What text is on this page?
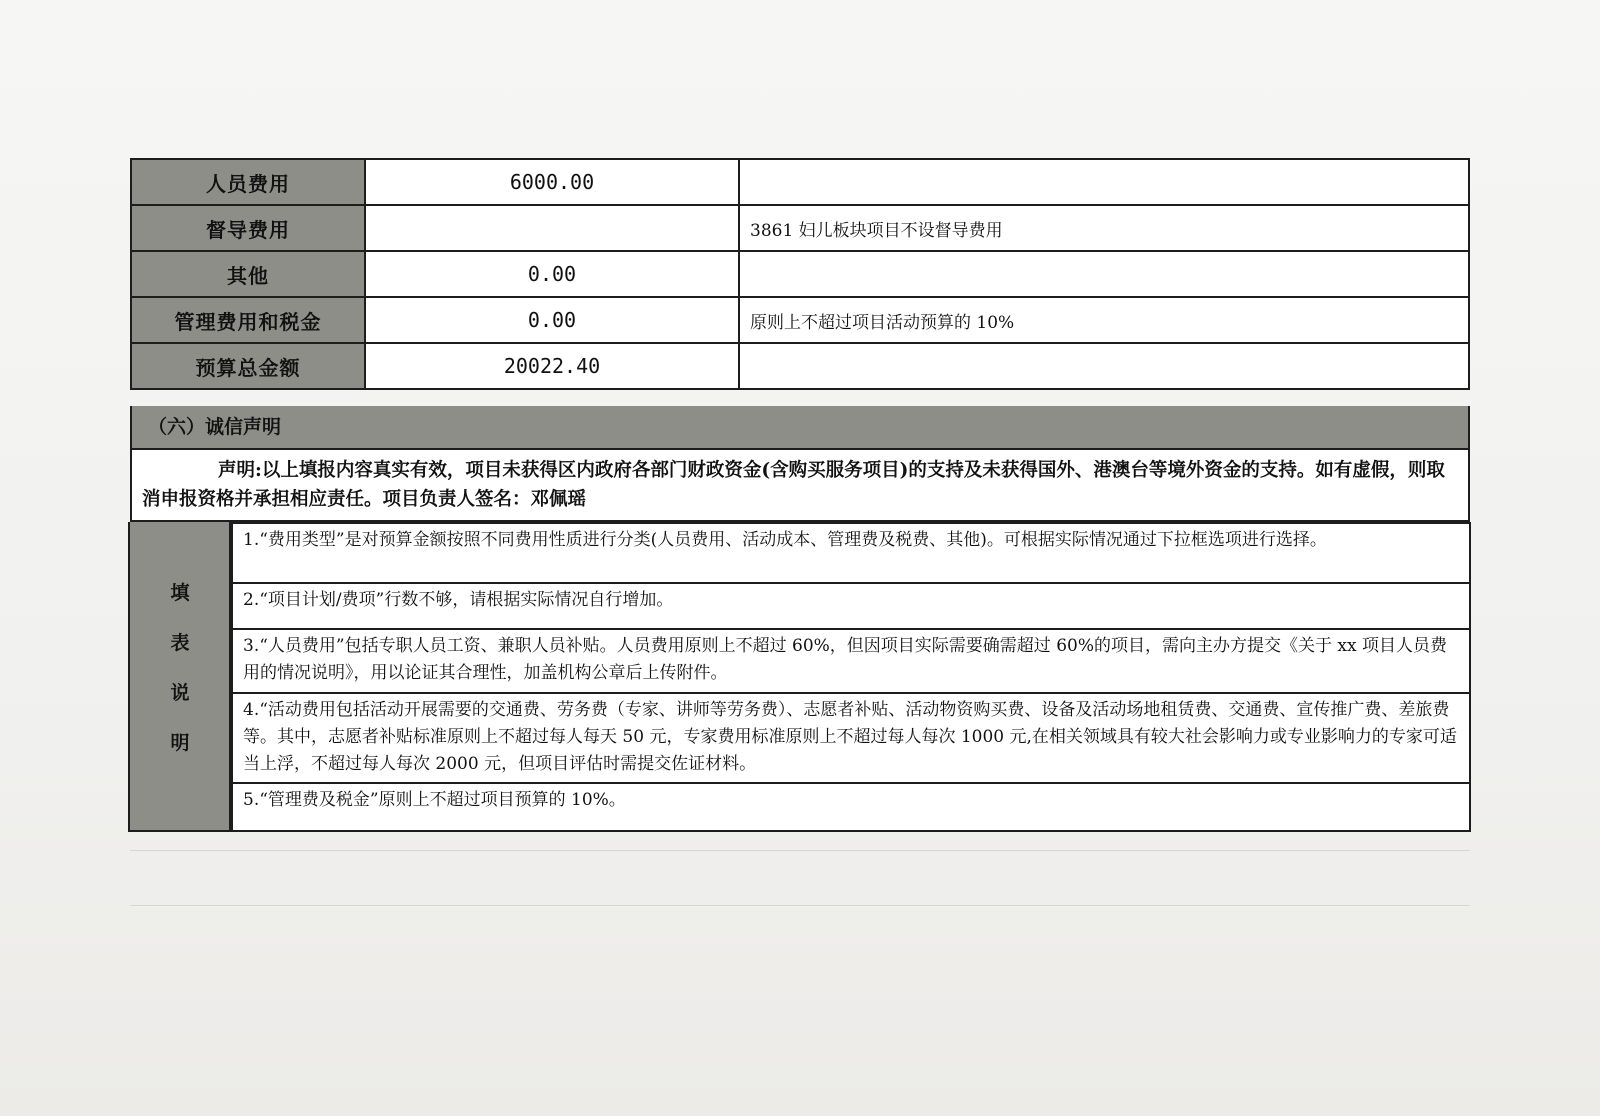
人员费用	6000.00	
督导费用		3861 妇儿板块项目不设督导费用
其他	0.00	
管理费用和税金	0.00	原则上不超过项目活动预算的 10%
预算总金额	20022.40	
（六）诚信声明
声明:以上填报内容真实有效，项目未获得区内政府各部门财政资金(含购买服务项目)的支持及未获得国外、港澳台等境外资金的支持。如有虚假，则取消申报资格并承担相应责任。项目负责人签名：邓佩瑶
填
表
说
明
1.“费用类型”是对预算金额按照不同费用性质进行分类(人员费用、活动成本、管理费及税费、其他)。可根据实际情况通过下拉框选项进行选择。
2.“项目计划/费项”行数不够，请根据实际情况自行增加。
3.“人员费用”包括专职人员工资、兼职人员补贴。人员费用原则上不超过 60%，但因项目实际需要确需超过 60%的项目，需向主办方提交《关于 xx 项目人员费用的情况说明》，用以论证其合理性，加盖机构公章后上传附件。
4.“活动费用包括活动开展需要的交通费、劳务费（专家、讲师等劳务费）、志愿者补贴、活动物资购买费、设备及活动场地租赁费、交通费、宣传推广费、差旅费等。其中，志愿者补贴标准原则上不超过每人每天 50 元，专家费用标准原则上不超过每人每次 1000 元,在相关领域具有较大社会影响力或专业影响力的专家可适当上浮，不超过每人每次 2000 元，但项目评估时需提交佐证材料。
5.“管理费及税金”原则上不超过项目预算的 10%。
